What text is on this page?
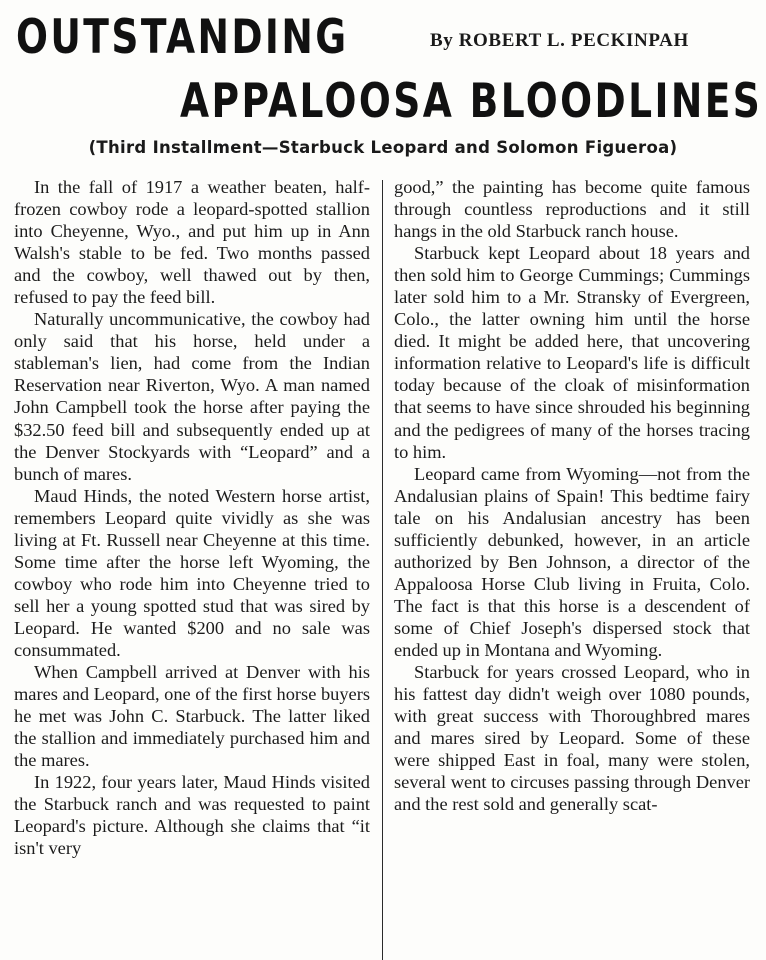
OUTSTANDING	By ROBERT L. PECKINPAH
APPALOOSA BLOODLINES
(Third Installment—Starbuck Leopard and Solomon Figueroa)

In the fall of 1917 a weather beaten, half-frozen cowboy rode a leopard-spotted stallion into Cheyenne, Wyo., and put him up in Ann Walsh's stable to be fed. Two months passed and the cowboy, well thawed out by then, refused to pay the feed bill.

Naturally uncommunicative, the cowboy had only said that his horse, held under a stableman's lien, had come from the Indian Reservation near Riverton, Wyo. A man named John Campbell took the horse after paying the $32.50 feed bill and subsequently ended up at the Denver Stockyards with “Leopard” and a bunch of mares.

Maud Hinds, the noted Western horse artist, remembers Leopard quite vividly as she was living at Ft. Russell near Cheyenne at this time. Some time after the horse left Wyoming, the cowboy who rode him into Cheyenne tried to sell her a young spotted stud that was sired by Leopard. He wanted $200 and no sale was consummated.

When Campbell arrived at Denver with his mares and Leopard, one of the first horse buyers he met was John C. Starbuck. The latter liked the stallion and immediately purchased him and the mares.

In 1922, four years later, Maud Hinds visited the Starbuck ranch and was requested to paint Leopard's picture. Although she claims that “it isn't very

good,” the painting has become quite famous through countless reproductions and it still hangs in the old Starbuck ranch house.

Starbuck kept Leopard about 18 years and then sold him to George Cummings; Cummings later sold him to a Mr. Stransky of Evergreen, Colo., the latter owning him until the horse died. It might be added here, that uncovering information relative to Leopard's life is difficult today because of the cloak of misinformation that seems to have since shrouded his beginning and the pedigrees of many of the horses tracing to him.

Leopard came from Wyoming—not from the Andalusian plains of Spain! This bedtime fairy tale on his Andalusian ancestry has been sufficiently debunked, however, in an article authorized by Ben Johnson, a director of the Appaloosa Horse Club living in Fruita, Colo. The fact is that this horse is a descendent of some of Chief Joseph's dispersed stock that ended up in Montana and Wyoming.

Starbuck for years crossed Leopard, who in his fattest day didn't weigh over 1080 pounds, with great success with Thoroughbred mares and mares sired by Leopard. Some of these were shipped East in foal, many were stolen, several went to circuses passing through Denver and the rest sold and generally scat-
